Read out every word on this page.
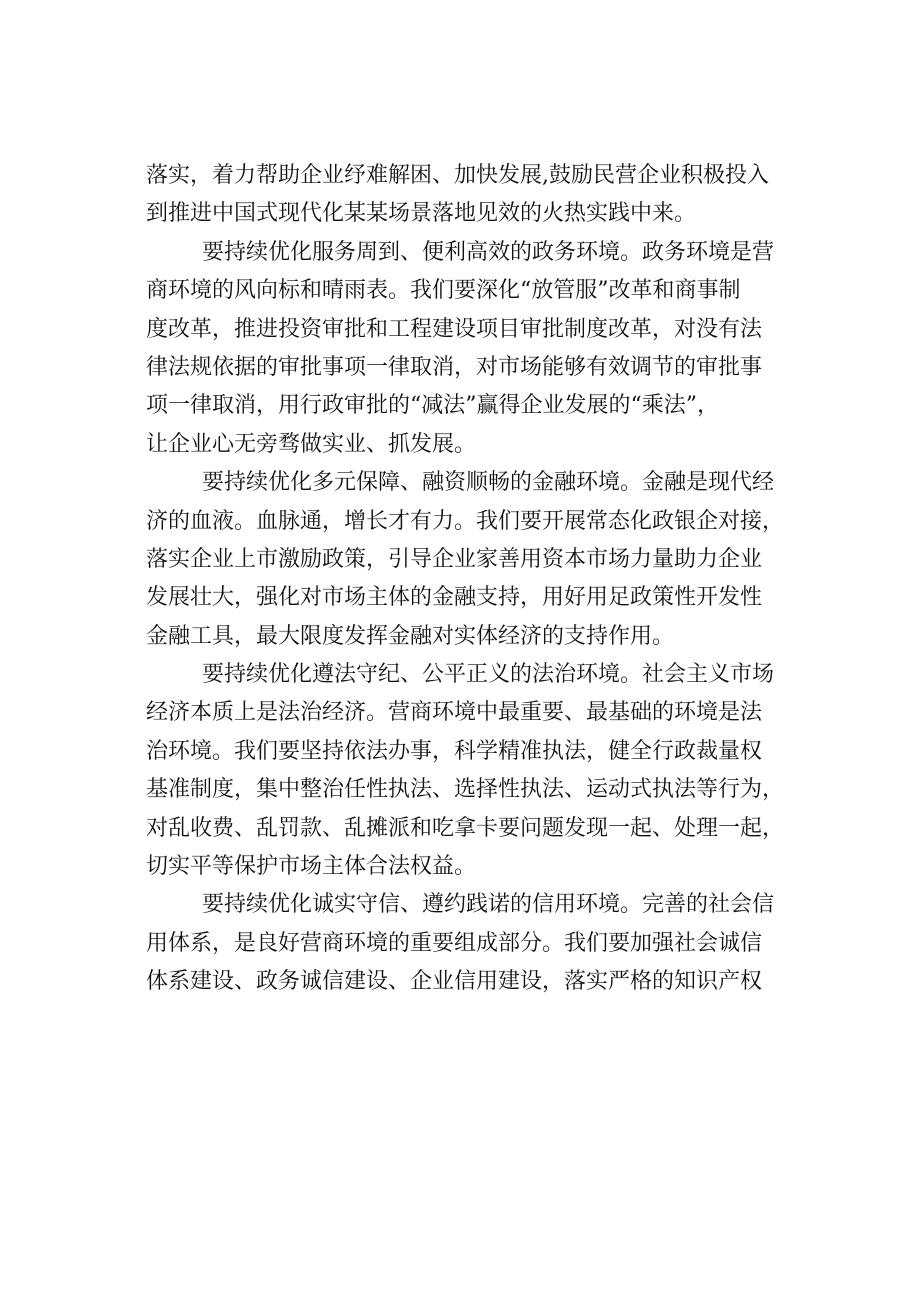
落实，着力帮助企业纾难解困、加快发展,鼓励民营企业积极投入
到推进中国式现代化某某场景落地见效的火热实践中来。
要持续优化服务周到、便利高效的政务环境。政务环境是营
商环境的风向标和晴雨表。我们要深化“放管服”改革和商事制
度改革，推进投资审批和工程建设项目审批制度改革，对没有法
律法规依据的审批事项一律取消，对市场能够有效调节的审批事
项一律取消，用行政审批的“减法”赢得企业发展的“乘法”，
让企业心无旁骛做实业、抓发展。
要持续优化多元保障、融资顺畅的金融环境。金融是现代经
济的血液。血脉通，增长才有力。我们要开展常态化政银企对接，
落实企业上市激励政策，引导企业家善用资本市场力量助力企业
发展壮大，强化对市场主体的金融支持，用好用足政策性开发性
金融工具，最大限度发挥金融对实体经济的支持作用。
要持续优化遵法守纪、公平正义的法治环境。社会主义市场
经济本质上是法治经济。营商环境中最重要、最基础的环境是法
治环境。我们要坚持依法办事，科学精准执法，健全行政裁量权
基准制度，集中整治任性执法、选择性执法、运动式执法等行为，
对乱收费、乱罚款、乱摊派和吃拿卡要问题发现一起、处理一起，
切实平等保护市场主体合法权益。
要持续优化诚实守信、遵约践诺的信用环境。完善的社会信
用体系，是良好营商环境的重要组成部分。我们要加强社会诚信
体系建设、政务诚信建设、企业信用建设，落实严格的知识产权
